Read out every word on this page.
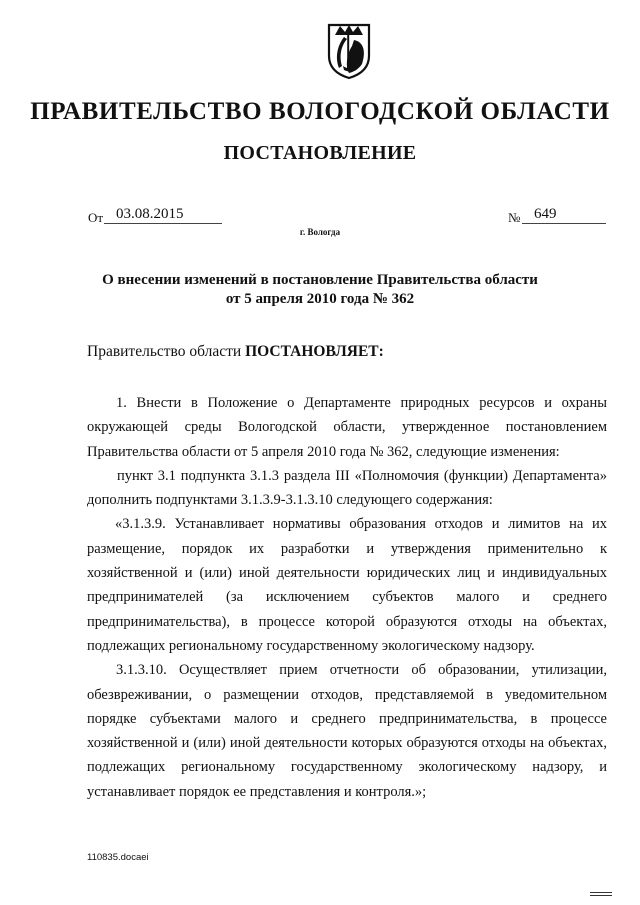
ПРАВИТЕЛЬСТВО ВОЛОГОДСКОЙ ОБЛАСТИ
ПОСТАНОВЛЕНИЕ
От 03.08.2015	№ 649
г. Вологда
О внесении изменений в постановление Правительства области
от 5 апреля 2010 года № 362
Правительство области ПОСТАНОВЛЯЕТ:

1. Внести в Положение о Департаменте природных ресурсов и охраны окружающей среды Вологодской области, утвержденное постановлением Правительства области от 5 апреля 2010 года № 362, следующие изменения:

пункт 3.1 подпункта 3.1.3 раздела III «Полномочия (функции) Департамента» дополнить подпунктами 3.1.3.9-3.1.3.10 следующего содержания:

«3.1.3.9. Устанавливает нормативы образования отходов и лимитов на их размещение, порядок их разработки и утверждения применительно к хозяйственной и (или) иной деятельности юридических лиц и индивидуальных предпринимателей (за исключением субъектов малого и среднего предпринимательства), в процессе которой образуются отходы на объектах, подлежащих региональному государственному экологическому надзору.

3.1.3.10. Осуществляет прием отчетности об образовании, утилизации, обезвреживании, о размещении отходов, представляемой в уведомительном порядке субъектами малого и среднего предпринимательства, в процессе хозяйственной и (или) иной деятельности которых образуются отходы на объектах, подлежащих региональному государственному экологическому надзору, и устанавливает порядок ее представления и контроля.»;

110835.docaei
